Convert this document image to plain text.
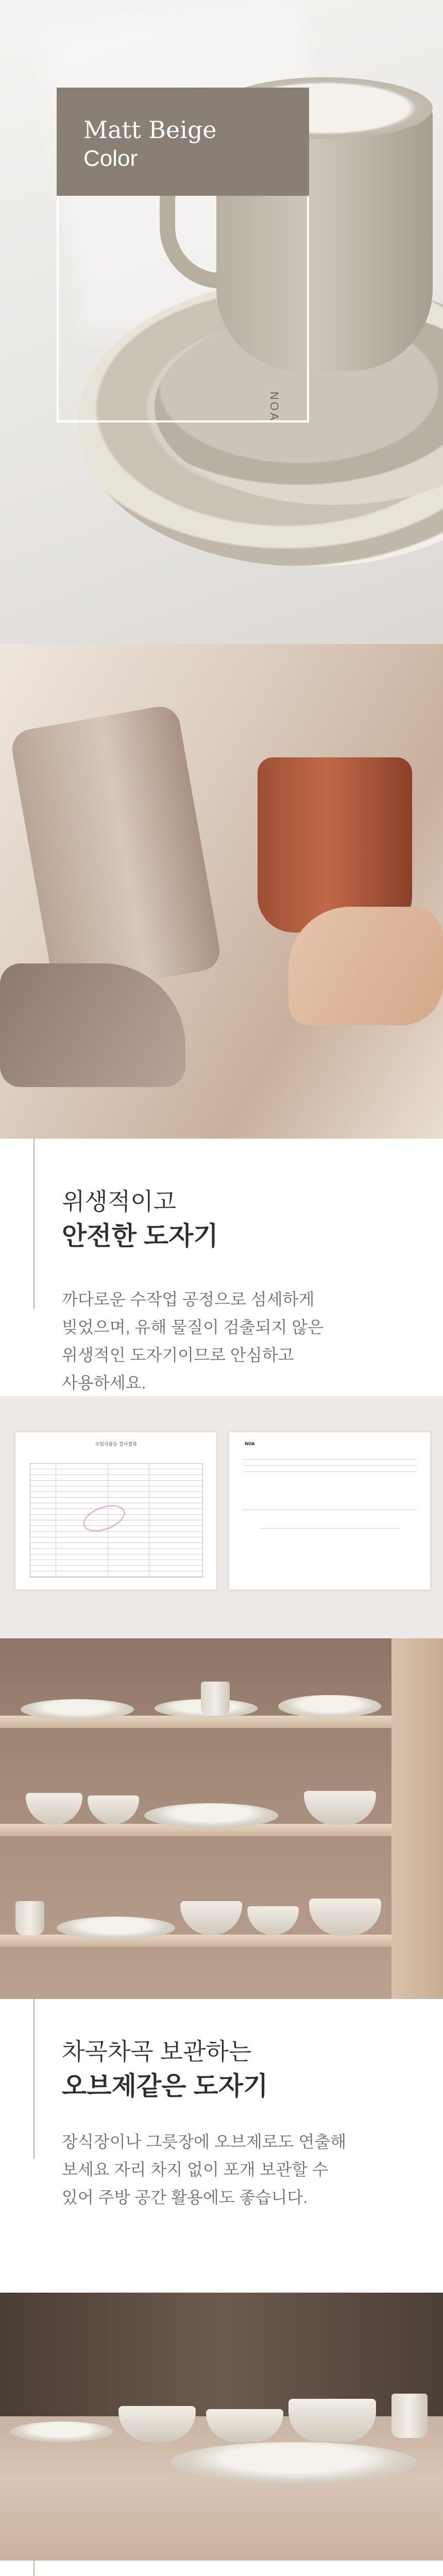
Matt Beige
Color
NOA
위생적이고
안전한 도자기

까다로운 수작업 공정으로 섬세하게
빚었으며, 유해 물질이 검출되지 않은
위생적인 도자기이므로 안심하고
사용하세요.

수입식품등 검사결과	NOA
차곡차곡 보관하는
오브제같은 도자기

장식장이나 그릇장에 오브제로도 연출해
보세요 자리 차지 없이 포개 보관할 수
있어 주방 공간 활용에도 좋습니다.
